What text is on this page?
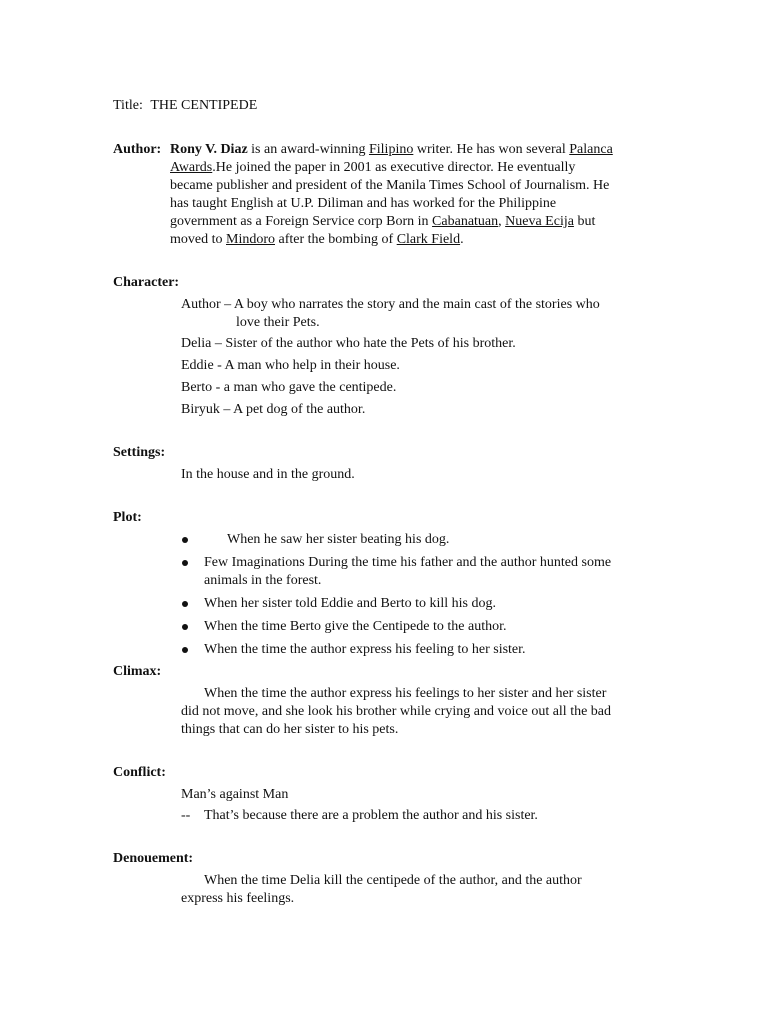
Title: THE CENTIPEDE
Author: Rony V. Diaz is an award-winning Filipino writer. He has won several Palanca
Awards.He joined the paper in 2001 as executive director. He eventually
became publisher and president of the Manila Times School of Journalism. He
has taught English at U.P. Diliman and has worked for the Philippine
government as a Foreign Service corp Born in Cabanatuan, Nueva Ecija but
moved to Mindoro after the bombing of Clark Field.
Character:
Author – A boy who narrates the story and the main cast of the stories who
love their Pets.
Delia – Sister of the author who hate the Pets of his brother.
Eddie - A man who help in their house.
Berto - a man who gave the centipede.
Biryuk – A pet dog of the author.
Settings:
In the house and in the ground.
Plot:
When he saw her sister beating his dog.
Few Imaginations During the time his father and the author hunted some
animals in the forest.
When her sister told Eddie and Berto to kill his dog.
When the time Berto give the Centipede to the author.
When the time the author express his feeling to her sister.
Climax:
When the time the author express his feelings to her sister and her sister
did not move, and she look his brother while crying and voice out all the bad
things that can do her sister to his pets.
Conflict:
Man’s against Man
-- That’s because there are a problem the author and his sister.
Denouement:
When the time Delia kill the centipede of the author, and the author
express his feelings.
